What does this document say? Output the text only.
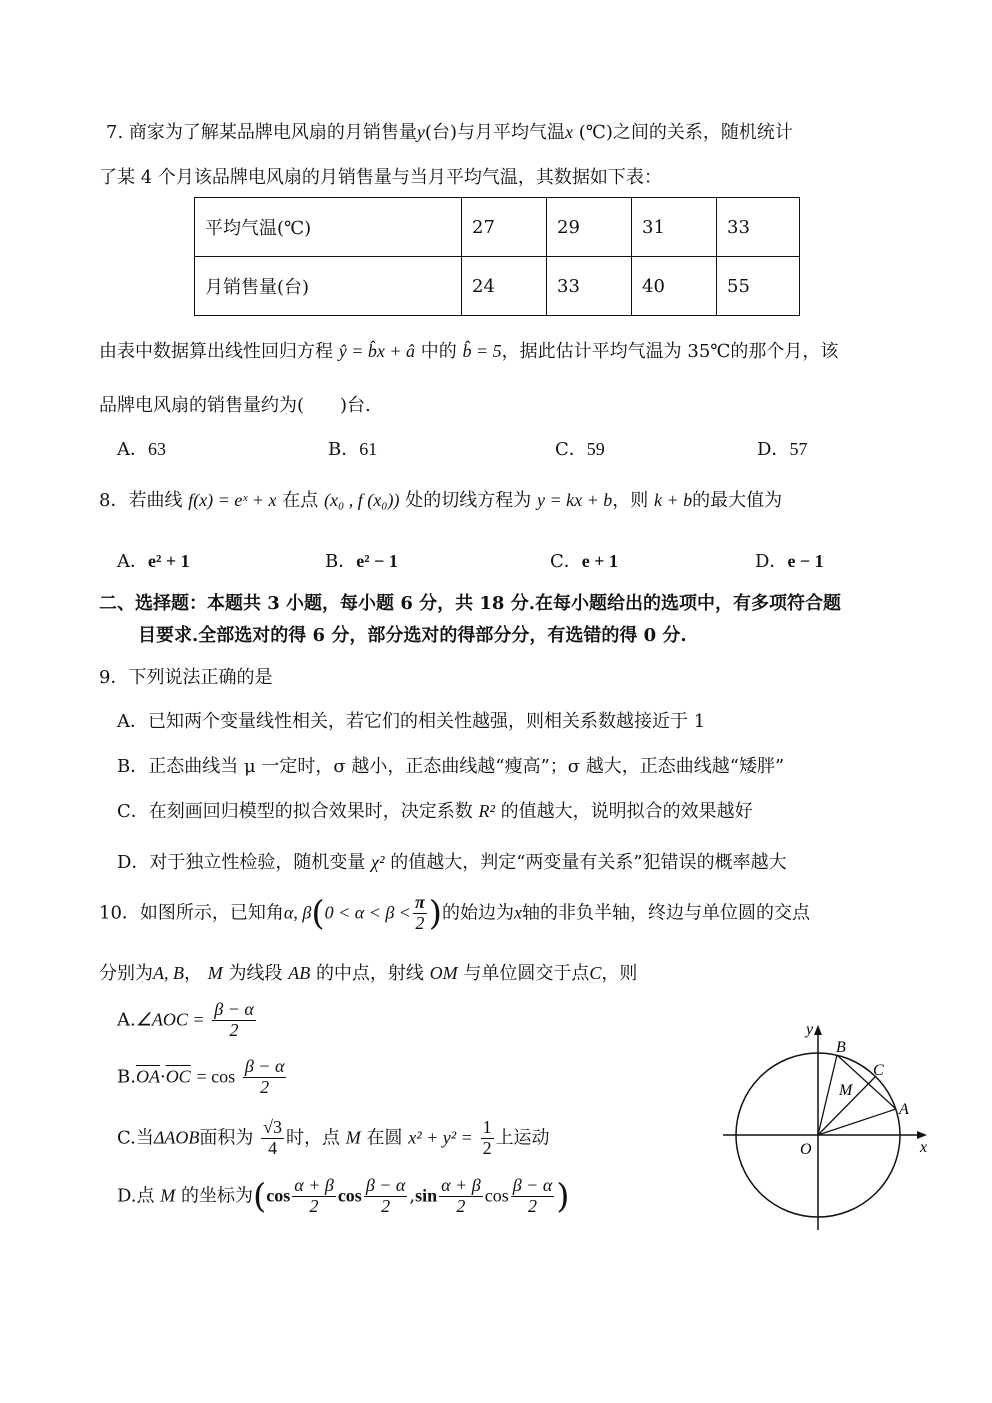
7. 商家为了解某品牌电风扇的月销售量y(台)与月平均气温x (℃)之间的关系，随机统计
了某 4 个月该品牌电风扇的月销售量与当月平均气温，其数据如下表：
平均气温(℃)	27	29	31	33
月销售量(台)	24	33	40	55
由表中数据算出线性回归方程 ŷ = b̂x + â 中的 b̂ = 5，据此估计平均气温为 35℃的那个月，该
品牌电风扇的销售量约为(　　)台.
A．63	B．61	C．59	D．57
8．若曲线 f(x) = eˣ + x 在点 (x₀ , f (x₀)) 处的切线方程为 y = kx + b，则 k + b的最大值为
A．e² + 1	B．e² − 1	C．e + 1	D．e − 1
二、选择题：本题共 3 小题，每小题 6 分，共 18 分.在每小题给出的选项中，有多项符合题
目要求.全部选对的得 6 分，部分选对的得部分分，有选错的得 0 分.
9．下列说法正确的是
A．已知两个变量线性相关，若它们的相关性越强，则相关系数越接近于 1
B．正态曲线当 μ 一定时，σ 越小，正态曲线越“瘦高”；σ 越大，正态曲线越“矮胖”
C．在刻画回归模型的拟合效果时，决定系数 R² 的值越大，说明拟合的效果越好
D．对于独立性检验，随机变量 χ² 的值越大，判定“两变量有关系”犯错误的概率越大
10．如图所示，已知角α, $\beta(0 < \alpha < \beta < \frac{\pi}{2}$ )的始边为x轴的非负半轴，终边与单位圆的交点
分别为A, B， M 为线段 AB 的中点，射线 OM 与单位圆交于点C，则
A.∠AOC = $\frac{\beta - \alpha}{2}$
$B.\overline{OA}\cdot\overline{OC} = \cos \frac{\beta - \alpha}{2}$
C.当ΔAOB面积为 $\frac{√3}{4}$ 时，点 M 在圆 $x^2 + y^2 = \frac{1}{2}$ 上运动
D.点 M 的坐标为($\cos \frac{\alpha + \beta}{2}$ $\cos \frac{\beta - \alpha}{2} ,\sin \frac{\alpha + \beta}{2}$ $\cos \frac{\beta - \alpha}{2}$ )
y
x
O
A
B
C
M
